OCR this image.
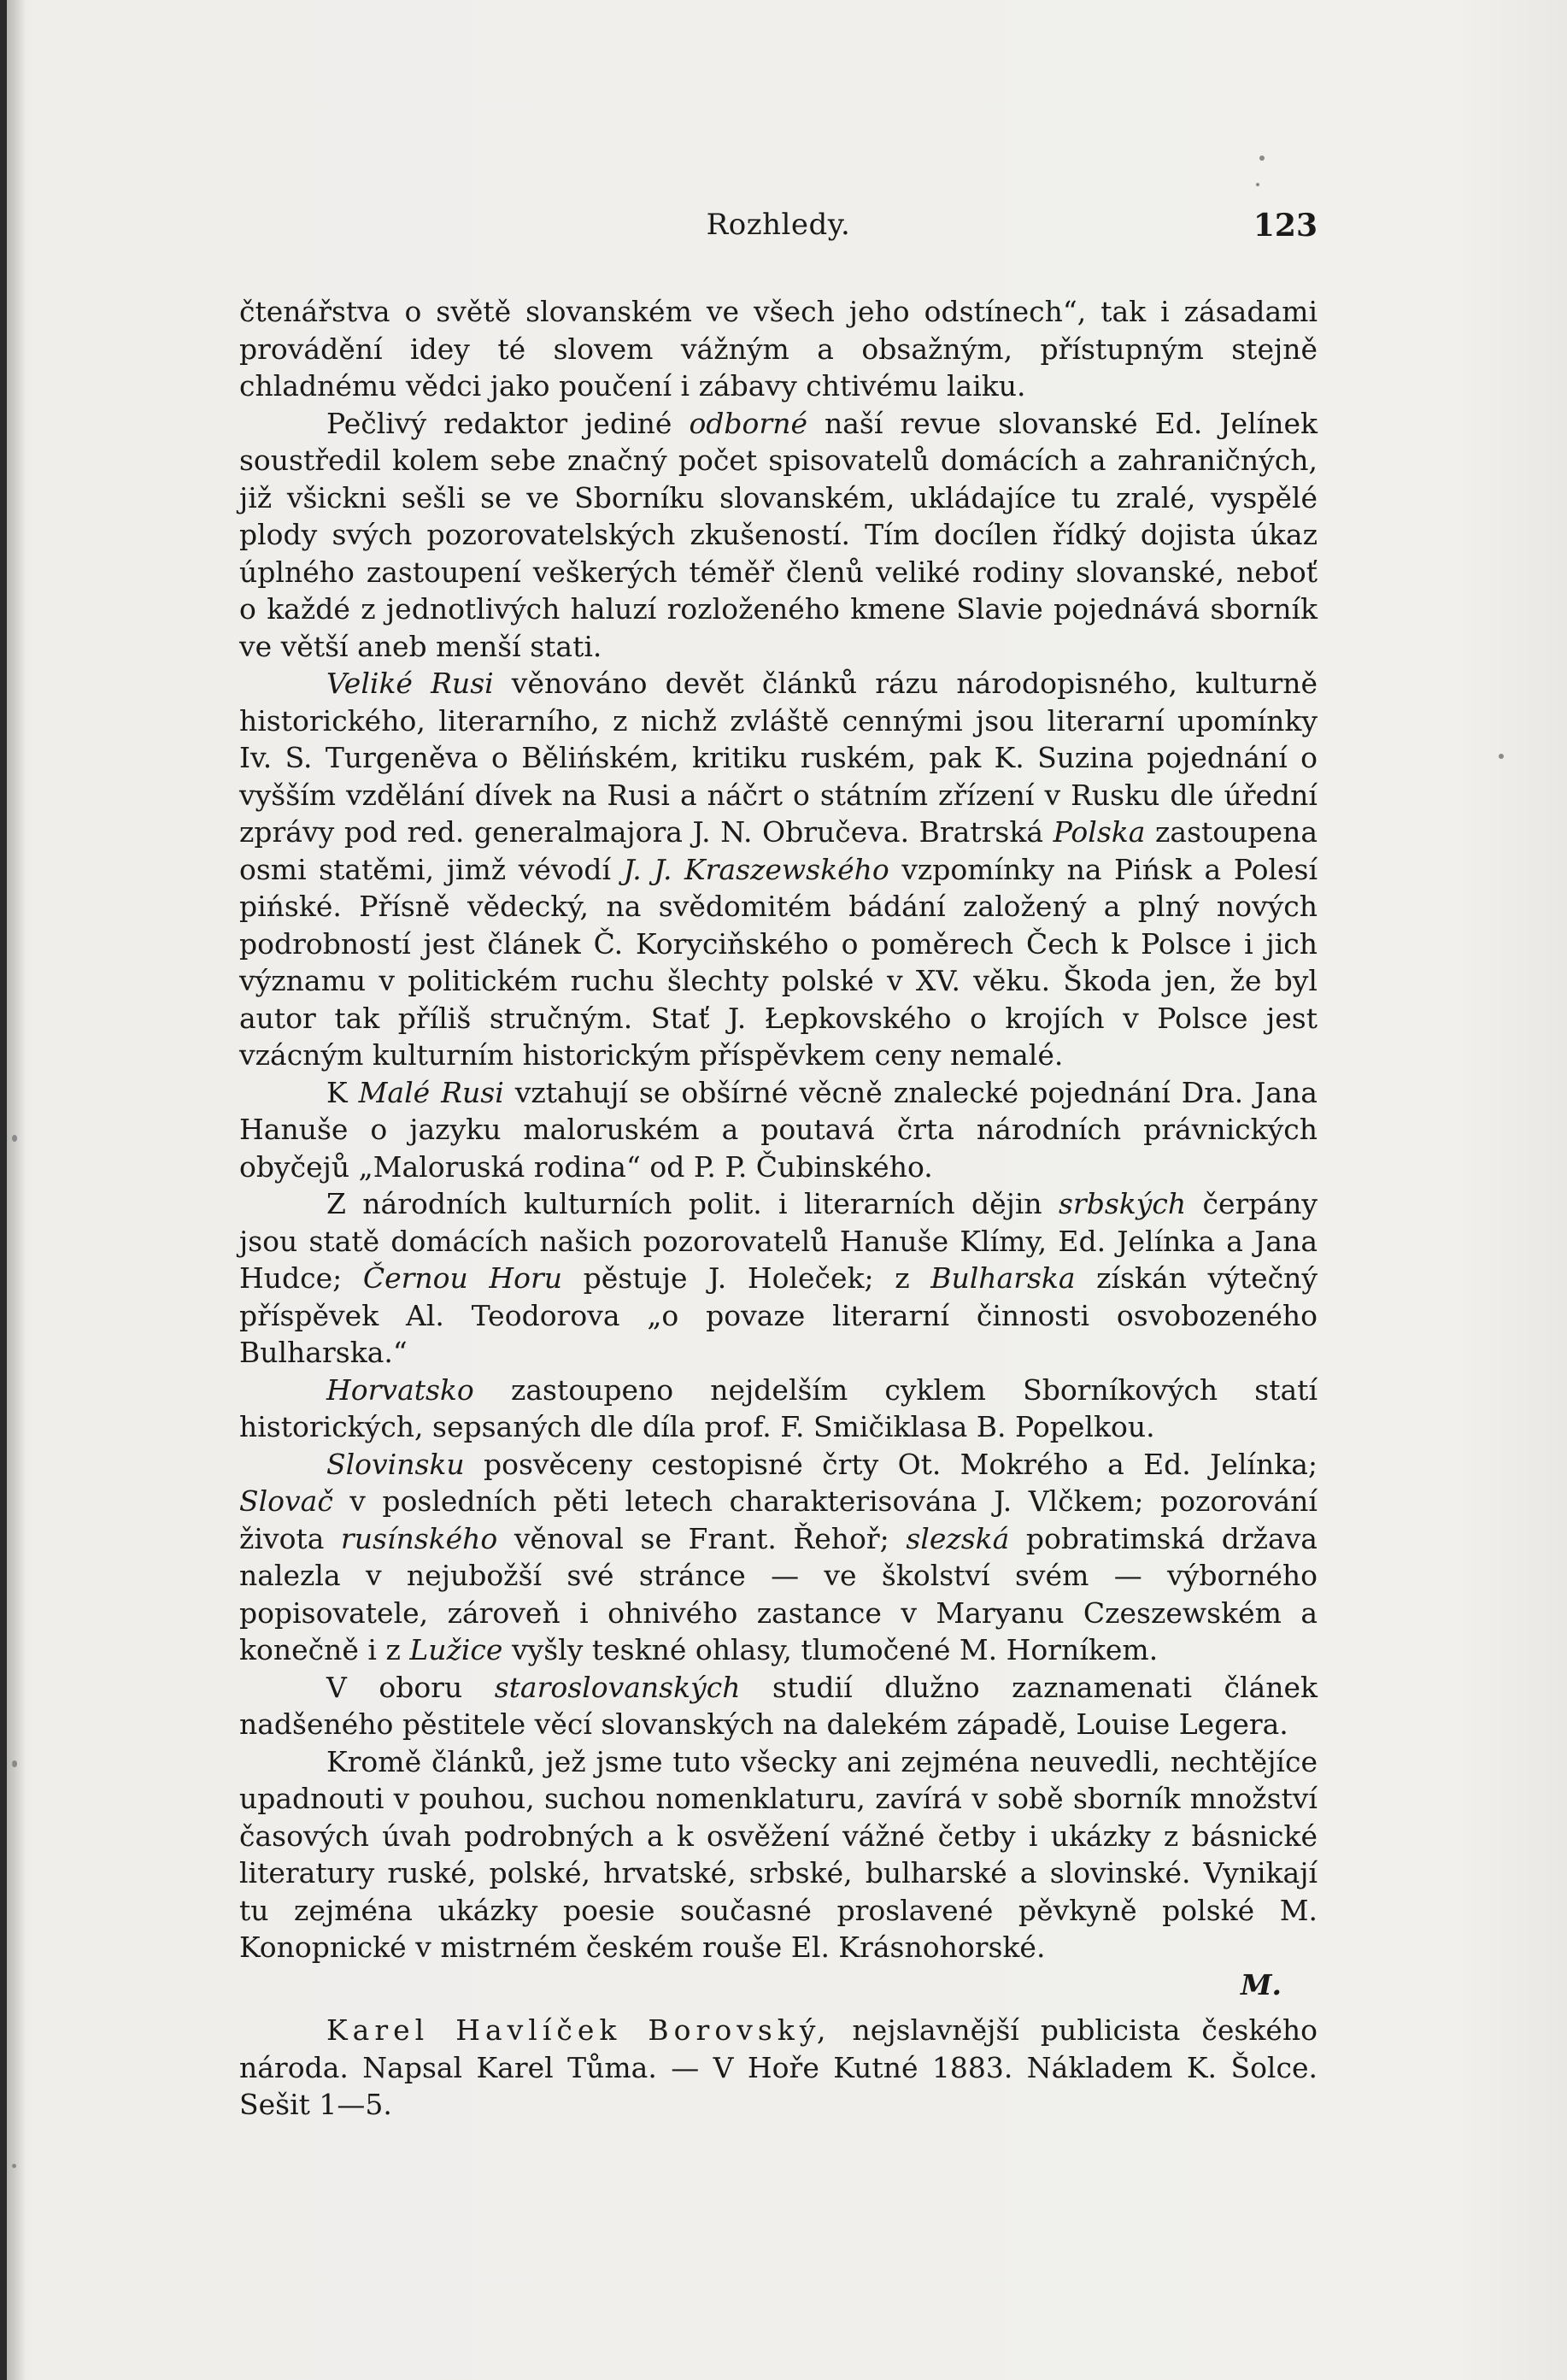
Rozhledy.	123

čtenářstva o světě slovanském ve všech jeho odstínech“, tak i zásadami provádění idey té slovem vážným a obsažným, přístupným stejně chladnému vědci jako poučení i zábavy chtivému laiku.

Pečlivý redaktor jediné odborné naší revue slovanské Ed. Jelínek soustředil kolem sebe značný počet spisovatelů domácích a zahraničných, již všickni sešli se ve Sborníku slovanském, ukládajíce tu zralé, vyspělé plody svých pozorovatelských zkušeností. Tím docílen řídký dojista úkaz úplného zastoupení veškerých téměř členů veliké rodiny slovanské, neboť o každé z jednotlivých haluzí rozloženého kmene Slavie pojednává sborník ve větší aneb menší stati.

Veliké Rusi věnováno devět článků rázu národopisného, kulturně historického, literarního, z nichž zvláště cennými jsou literarní upomínky Iv. S. Turgeněva o Bělińském, kritiku ruském, pak K. Suzina pojednání o vyšším vzdělání dívek na Rusi a náčrt o státním zřízení v Rusku dle úřední zprávy pod red. generalmajora J. N. Obručeva. Bratrská Polska zastoupena osmi statěmi, jimž vévodí J. J. Kraszewského vzpomínky na Pińsk a Polesí pińské. Přísně vědecký, na svědomitém bádání založený a plný nových podrobností jest článek Č. Koryciňského o poměrech Čech k Polsce i jich významu v politickém ruchu šlechty polské v XV. věku. Škoda jen, že byl autor tak příliš stručným. Stať J. Łepkovského o krojích v Polsce jest vzácným kulturním historickým příspěvkem ceny nemalé.

K Malé Rusi vztahují se obšírné věcně znalecké pojednání Dra. Jana Hanuše o jazyku maloruském a poutavá črta národních právnických obyčejů „Maloruská rodina“ od P. P. Čubinského.

Z národních kulturních polit. i literarních dějin srbských čerpány jsou statě domácích našich pozorovatelů Hanuše Klímy, Ed. Jelínka a Jana Hudce; Černou Horu pěstuje J. Holeček; z Bulharska získán výtečný příspěvek Al. Teodorova „o povaze literarní činnosti osvobozeného Bulharska.“

Horvatsko zastoupeno nejdelším cyklem Sborníkových statí historických, sepsaných dle díla prof. F. Smičiklasa B. Popelkou.

Slovinsku posvěceny cestopisné črty Ot. Mokrého a Ed. Jelínka; Slovač v posledních pěti letech charakterisována J. Vlčkem; pozorování života rusínského věnoval se Frant. Řehoř; slezská pobratimská država nalezla v nejubožší své stránce — ve školství svém — výborného popisovatele, zároveň i ohnivého zastance v Maryanu Czeszewském a konečně i z Lužice vyšly teskné ohlasy, tlumočené M. Horníkem.

V oboru staroslovanských studií dlužno zaznamenati článek nadšeného pěstitele věcí slovanských na dalekém západě, Louise Legera.

Kromě článků, jež jsme tuto všecky ani zejména neuvedli, nechtějíce upadnouti v pouhou, suchou nomenklaturu, zavírá v sobě sborník množství časových úvah podrobných a k osvěžení vážné četby i ukázky z básnické literatury ruské, polské, hrvatské, srbské, bulharské a slovinské. Vynikají tu zejména ukázky poesie současné proslavené pěvkyně polské M. Konopnické v mistrném českém rouše El. Krásnohorské.

M.

Karel Havlíček Borovský, nejslavnější publicista českého národa. Napsal Karel Tůma. — V Hoře Kutné 1883. Nákladem K. Šolce. Sešit 1—5.
